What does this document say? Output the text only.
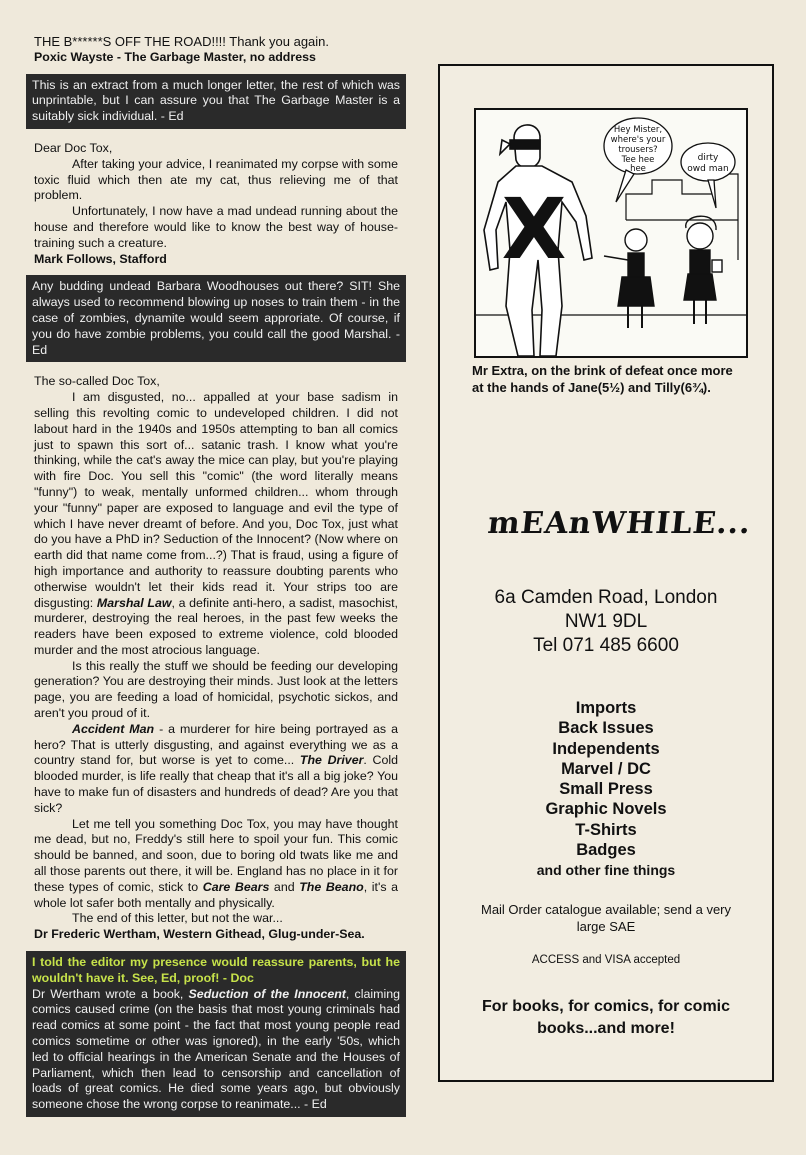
THE B******S OFF THE ROAD!!!! Thank you again.

Poxic Wayste - The Garbage Master, no address

This is an extract from a much longer letter, the rest of which was unprintable, but I can assure you that The Garbage Master is a suitably sick individual. - Ed

Dear Doc Tox,

After taking your advice, I reanimated my corpse with some toxic fluid which then ate my cat, thus relieving me of that problem.

Unfortunately, I now have a mad undead running about the house and therefore would like to know the best way of house-training such a creature.

Mark Follows, Stafford

Any budding undead Barbara Woodhouses out there? SIT! She always used to recommend blowing up noses to train them - in the case of zombies, dynamite would seem approriate. Of course, if you do have zombie problems, you could call the good Marshal. - Ed

The so-called Doc Tox,

I am disgusted, no... appalled at your base sadism in selling this revolting comic to undeveloped children. I did not labout hard in the 1940s and 1950s attempting to ban all comics just to spawn this sort of... satanic trash. I know what you're thinking, while the cat's away the mice can play, but you're playing with fire Doc. You sell this "comic" (the word literally means "funny") to weak, mentally unformed children... whom through your "funny" paper are exposed to language and evil the type of which I have never dreamt of before. And you, Doc Tox, just what do you have a PhD in? Seduction of the Innocent? (Now where on earth did that name come from...?) That is fraud, using a figure of high importance and authority to reassure doubting parents who otherwise wouldn't let their kids read it. Your strips too are disgusting: Marshal Law, a definite anti-hero, a sadist, masochist, murderer, destroying the real heroes, in the past few weeks the readers have been exposed to extreme violence, cold blooded murder and the most atrocious language.

Is this really the stuff we should be feeding our developing generation? You are destroying their minds. Just look at the letters page, you are feeding a load of homicidal, psychotic sickos, and aren't you proud of it.

Accident Man - a murderer for hire being portrayed as a hero? That is utterly disgusting, and against everything we as a country stand for, but worse is yet to come... The Driver. Cold blooded murder, is life really that cheap that it's all a big joke? You have to make fun of disasters and hundreds of dead? Are you that sick?

Let me tell you something Doc Tox, you may have thought me dead, but no, Freddy's still here to spoil your fun. This comic should be banned, and soon, due to boring old twats like me and all those parents out there, it will be. England has no place in it for these types of comic, stick to Care Bears and The Beano, it's a whole lot safer both mentally and physically.

The end of this letter, but not the war...

Dr Frederic Wertham, Western Githead, Glug-under-Sea.

I told the editor my presence would reassure parents, but he wouldn't have it. See, Ed, proof! - Doc

Dr Wertham wrote a book, Seduction of the Innocent, claiming comics caused crime (on the basis that most young criminals had read comics at some point - the fact that most young people read comics sometime or other was ignored), in the early '50s, which led to official hearings in the American Senate and the Houses of Parliament, which then lead to censorship and cancellation of loads of great comics. He died some years ago, but obviously someone chose the wrong corpse to reanimate... - Ed

Hey Mister,
where's your
trousers?
Tee hee
hee
dirty
owd man
X
Mr Extra, on the brink of defeat once more
at the hands of Jane(5½) and Tilly(6¾).
mEAnWHILE...
6a Camden Road, London
NW1 9DL
Tel 071 485 6600
Imports
Back Issues
Independents
Marvel / DC
Small Press
Graphic Novels
T-Shirts
Badges
and other fine things
Mail Order catalogue available; send a very large SAE
ACCESS and VISA accepted
For books, for comics, for comic books...and more!
